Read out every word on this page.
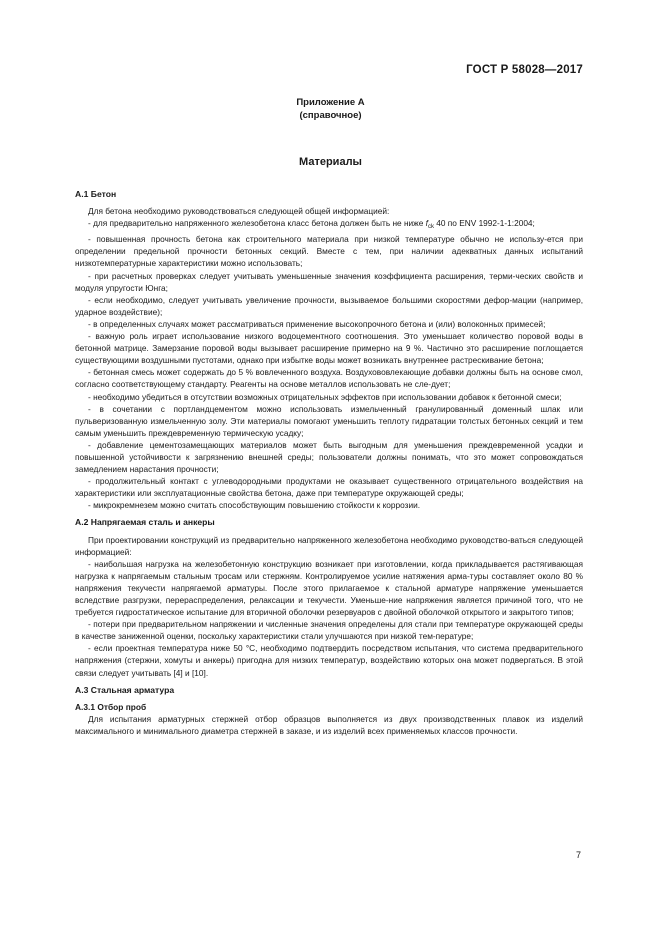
ГОСТ Р 58028—2017
Приложение А
(справочное)
Материалы
А.1 Бетон

Для бетона необходимо руководствоваться следующей общей информацией:

- для предварительно напряженного железобетона класс бетона должен быть не ниже $f_{ck}$ 40 по ENV 1992-1-1:2004;

- повышенная прочность бетона как строительного материала при низкой температуре обычно не использу-ется при определении предельной прочности бетонных секций. Вместе с тем, при наличии адекватных данных испытаний низкотемпературные характеристики можно использовать;

- при расчетных проверках следует учитывать уменьшенные значения коэффициента расширения, терми-ческих свойств и модуля упругости Юнга;

- если необходимо, следует учитывать увеличение прочности, вызываемое большими скоростями дефор-мации (например, ударное воздействие);

- в определенных случаях может рассматриваться применение высокопрочного бетона и (или) волоконных примесей;

- важную роль играет использование низкого водоцементного соотношения. Это уменьшает количество поровой воды в бетонной матрице. Замерзание поровой воды вызывает расширение примерно на 9 %. Частично это расширение поглощается существующими воздушными пустотами, однако при избытке воды может возникать внутреннее растрескивание бетона;

- бетонная смесь может содержать до 5 % вовлеченного воздуха. Воздухововлекающие добавки должны быть на основе смол, согласно соответствующему стандарту. Реагенты на основе металлов использовать не сле-дует;

- необходимо убедиться в отсутствии возможных отрицательных эффектов при использовании добавок к бетонной смеси;

- в сочетании с портландцементом можно использовать измельченный гранулированный доменный шлак или пульверизованную измельченную золу. Эти материалы помогают уменьшить теплоту гидратации толстых бетонных секций и тем самым уменьшить преждевременную термическую усадку;

- добавление цементозамещающих материалов может быть выгодным для уменьшения преждевременной усадки и повышенной устойчивости к загрязнению внешней среды; пользователи должны понимать, что это может сопровождаться замедлением нарастания прочности;

- продолжительный контакт с углеводородными продуктами не оказывает существенного отрицательного воздействия на характеристики или эксплуатационные свойства бетона, даже при температуре окружающей среды;

- микрокремнезем можно считать способствующим повышению стойкости к коррозии.

А.2 Напрягаемая сталь и анкеры

При проектировании конструкций из предварительно напряженного железобетона необходимо руководство-ваться следующей информацией:

- наибольшая нагрузка на железобетонную конструкцию возникает при изготовлении, когда прикладывается растягивающая нагрузка к напрягаемым стальным тросам или стержням. Контролируемое усилие натяжения арма-туры составляет около 80 % напряжения текучести напрягаемой арматуры. После этого прилагаемое к стальной арматуре напряжение уменьшается вследствие разгрузки, перераспределения, релаксации и текучести. Уменьше-ние напряжения является причиной того, что не требуется гидростатическое испытание для вторичной оболочки резервуаров с двойной оболочкой открытого и закрытого типов;

- потери при предварительном напряжении и численные значения определены для стали при температуре окружающей среды в качестве заниженной оценки, поскольку характеристики стали улучшаются при низкой тем-пературе;

- если проектная температура ниже 50 °С, необходимо подтвердить посредством испытания, что система предварительного напряжения (стержни, хомуты и анкеры) пригодна для низких температур, воздействию которых она может подвергаться. В этой связи следует учитывать [4] и [10].

А.3 Стальная арматура
А.3.1 Отбор проб

Для испытания арматурных стержней отбор образцов выполняется из двух производственных плавок из изделий максимального и минимального диаметра стержней в заказе, и из изделий всех применяемых классов прочности.

7
